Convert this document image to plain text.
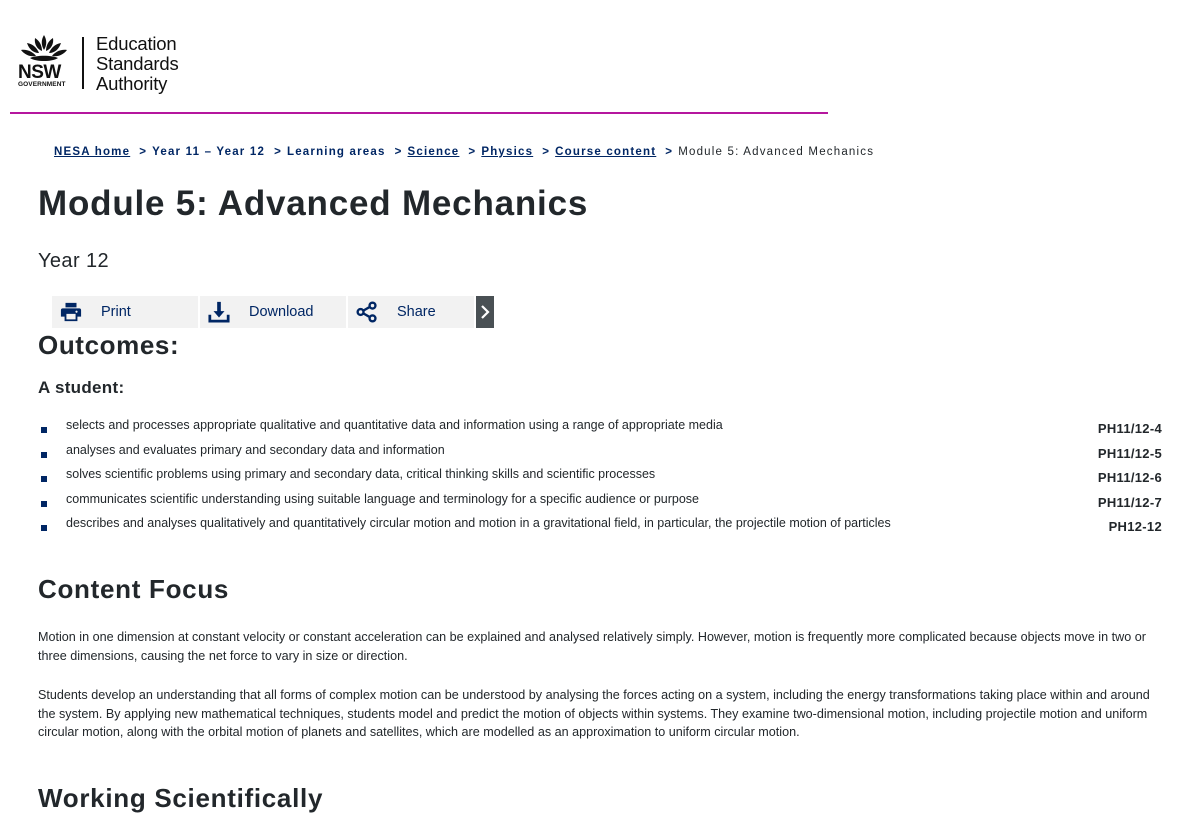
NSW
GOVERNMENT
Education
Standards
Authority
NESA home > Year 11 – Year 12 > Learning areas > Science > Physics > Course content > Module 5: Advanced Mechanics
Module 5: Advanced Mechanics
Year 12
Print	Download	Share
Outcomes:
A student:
selects and processes appropriate qualitative and quantitative data and information using a range of appropriate media	PH11/12-4
analyses and evaluates primary and secondary data and information	PH11/12-5
solves scientific problems using primary and secondary data, critical thinking skills and scientific processes	PH11/12-6
communicates scientific understanding using suitable language and terminology for a specific audience or purpose	PH11/12-7
describes and analyses qualitatively and quantitatively circular motion and motion in a gravitational field, in particular, the projectile motion of particles	PH12-12
Content Focus

Motion in one dimension at constant velocity or constant acceleration can be explained and analysed relatively simply. However, motion is frequently more complicated because objects move in two or three dimensions, causing the net force to vary in size or direction.

Students develop an understanding that all forms of complex motion can be understood by analysing the forces acting on a system, including the energy transformations taking place within and around the system. By applying new mathematical techniques, students model and predict the motion of objects within systems. They examine two-dimensional motion, including projectile motion and uniform circular motion, along with the orbital motion of planets and satellites, which are modelled as an approximation to uniform circular motion.

Working Scientifically
